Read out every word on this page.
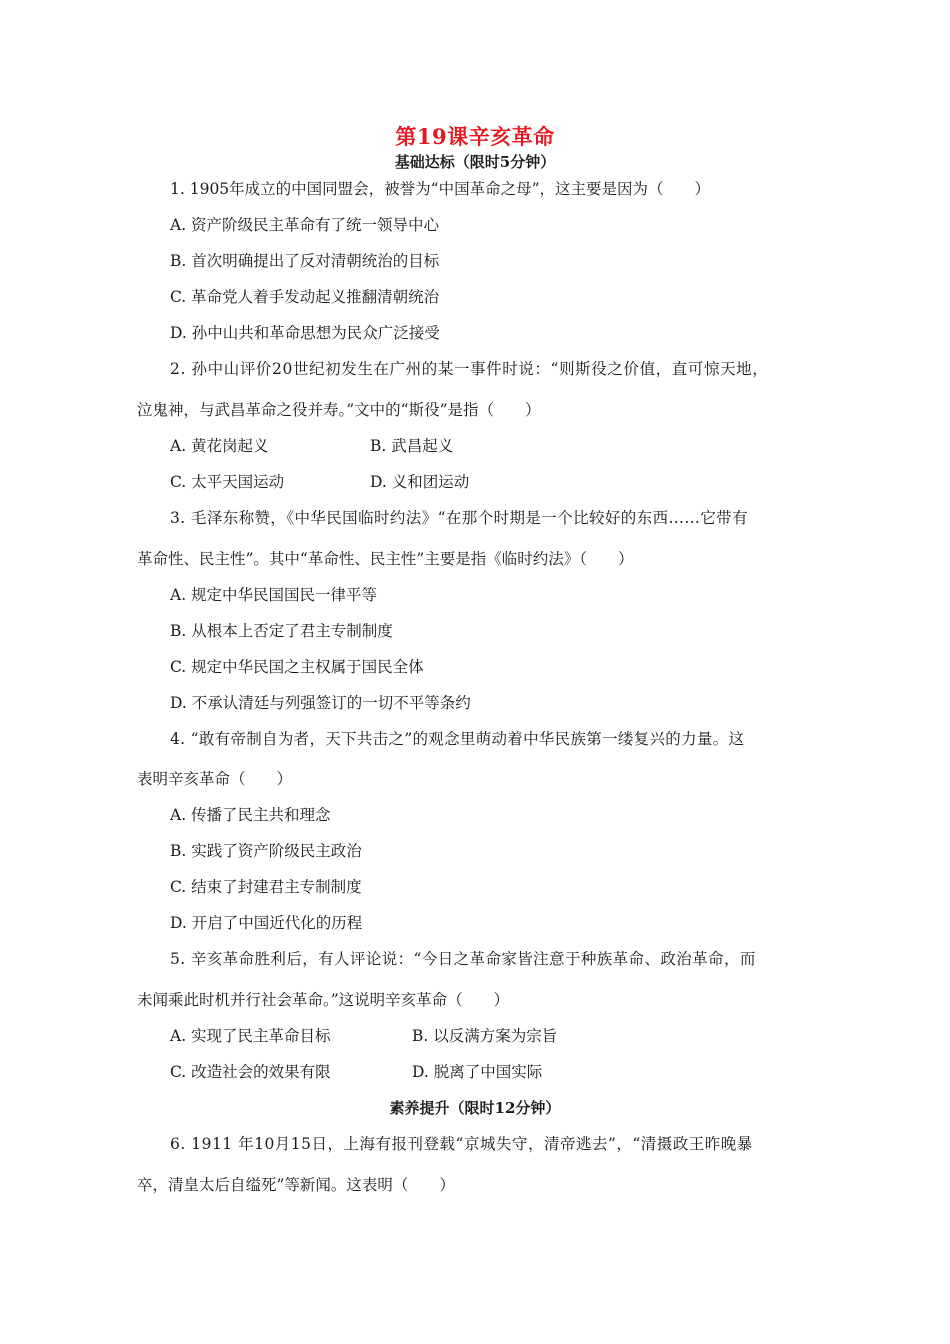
第19课辛亥革命
基础达标（限时5分钟）
1. 1905年成立的中国同盟会，被誉为“中国革命之母”，这主要是因为（　　）
A. 资产阶级民主革命有了统一领导中心
B. 首次明确提出了反对清朝统治的目标
C. 革命党人着手发动起义推翻清朝统治
D. 孙中山共和革命思想为民众广泛接受
2. 孙中山评价20世纪初发生在广州的某一事件时说：“则斯役之价值，直可惊天地，
泣鬼神，与武昌革命之役并寿。”文中的“斯役”是指（　　）
A. 黄花岗起义	B. 武昌起义
C. 太平天国运动	D. 义和团运动
3. 毛泽东称赞，《中华民国临时约法》“在那个时期是一个比较好的东西……它带有
革命性、民主性”。其中“革命性、民主性”主要是指《临时约法》（　　）
A. 规定中华民国国民一律平等
B. 从根本上否定了君主专制制度
C. 规定中华民国之主权属于国民全体
D. 不承认清廷与列强签订的一切不平等条约
4. “敢有帝制自为者，天下共击之”的观念里萌动着中华民族第一缕复兴的力量。这
表明辛亥革命（　　）
A. 传播了民主共和理念
B. 实践了资产阶级民主政治
C. 结束了封建君主专制制度
D. 开启了中国近代化的历程
5. 辛亥革命胜利后，有人评论说：“今日之革命家皆注意于种族革命、政治革命，而
未闻乘此时机并行社会革命。”这说明辛亥革命（　　）
A. 实现了民主革命目标	B. 以反满方案为宗旨
C. 改造社会的效果有限	D. 脱离了中国实际
素养提升（限时12分钟）
6. 1911 年10月15日，上海有报刊登载“京城失守，清帝逃去”，“清摄政王昨晚暴
卒，清皇太后自缢死”等新闻。这表明（　　）
